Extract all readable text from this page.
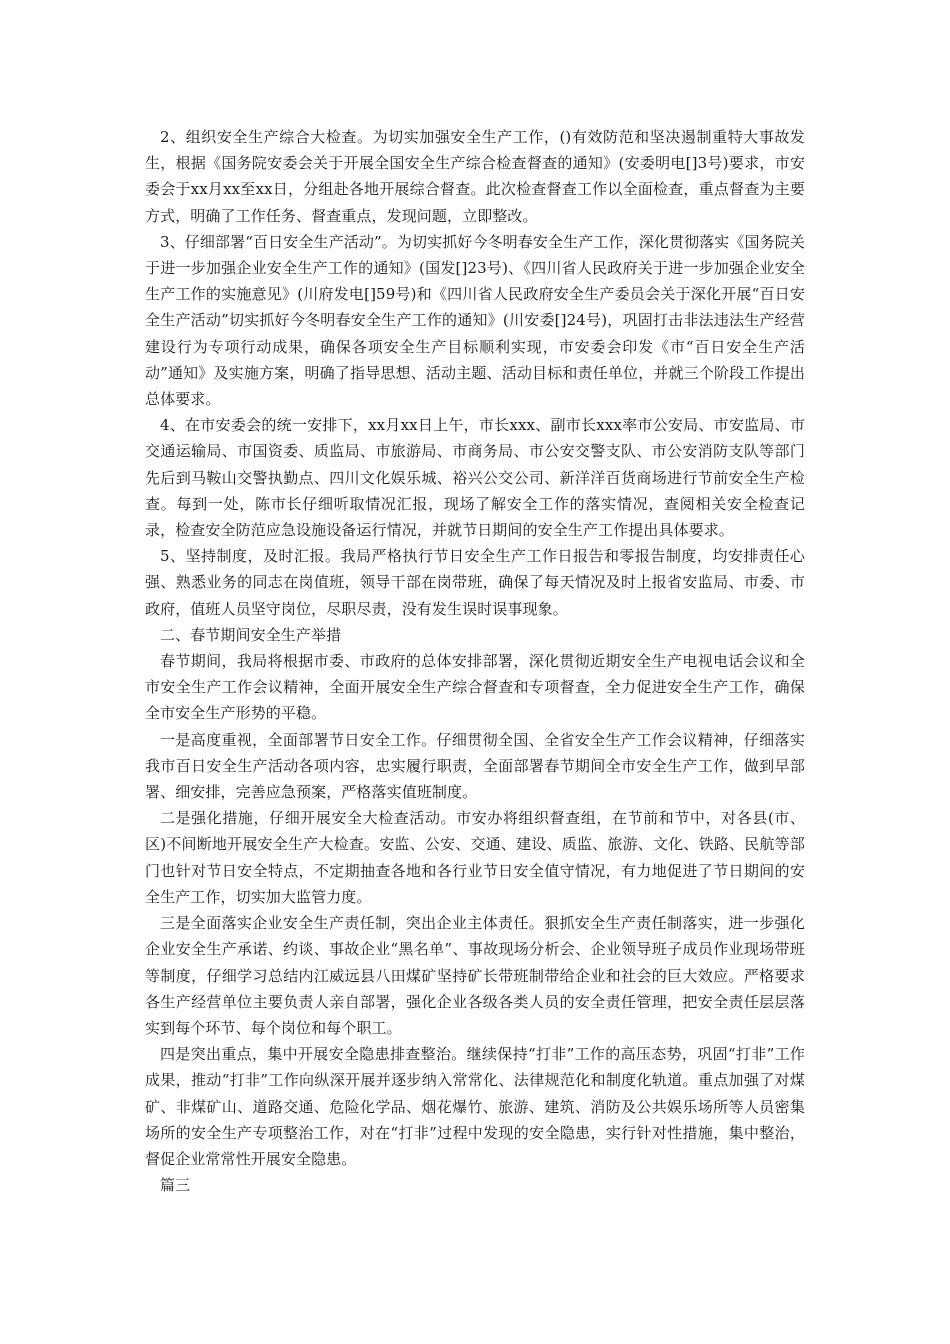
2、组织安全生产综合大检查。为切实加强安全生产工作，()有效防范和坚决遏制重特大事故发生，根据《国务院安委会关于开展全国安全生产综合检查督查的通知》(安委明电[]3号)要求，市安委会于xx月xx至xx日，分组赴各地开展综合督查。此次检查督查工作以全面检查，重点督查为主要方式，明确了工作任务、督查重点，发现问题，立即整改。

3、仔细部署“百日安全生产活动”。为切实抓好今冬明春安全生产工作，深化贯彻落实《国务院关于进一步加强企业安全生产工作的通知》(国发[]23号)、《四川省人民政府关于进一步加强企业安全生产工作的实施意见》(川府发电[]59号)和《四川省人民政府安全生产委员会关于深化开展“百日安全生产活动”切实抓好今冬明春安全生产工作的通知》(川安委[]24号)，巩固打击非法违法生产经营建设行为专项行动成果，确保各项安全生产目标顺利实现，市安委会印发《市“百日安全生产活动”通知》及实施方案，明确了指导思想、活动主题、活动目标和责任单位，并就三个阶段工作提出总体要求。

4、在市安委会的统一安排下，xx月xx日上午，市长xxx、副市长xxx率市公安局、市安监局、市交通运输局、市国资委、质监局、市旅游局、市商务局、市公安交警支队、市公安消防支队等部门先后到马鞍山交警执勤点、四川文化娱乐城、裕兴公交公司、新洋洋百货商场进行节前安全生产检查。每到一处，陈市长仔细听取情况汇报，现场了解安全工作的落实情况，查阅相关安全检查记录，检查安全防范应急设施设备运行情况，并就节日期间的安全生产工作提出具体要求。

5、坚持制度，及时汇报。我局严格执行节日安全生产工作日报告和零报告制度，均安排责任心强、熟悉业务的同志在岗值班，领导干部在岗带班，确保了每天情况及时上报省安监局、市委、市政府，值班人员坚守岗位，尽职尽责，没有发生误时误事现象。

二、春节期间安全生产举措

春节期间，我局将根据市委、市政府的总体安排部署，深化贯彻近期安全生产电视电话会议和全市安全生产工作会议精神，全面开展安全生产综合督查和专项督查，全力促进安全生产工作，确保全市安全生产形势的平稳。

一是高度重视，全面部署节日安全工作。仔细贯彻全国、全省安全生产工作会议精神，仔细落实我市百日安全生产活动各项内容，忠实履行职责，全面部署春节期间全市安全生产工作，做到早部署、细安排，完善应急预案，严格落实值班制度。

二是强化措施，仔细开展安全大检查活动。市安办将组织督查组，在节前和节中，对各县(市、区)不间断地开展安全生产大检查。安监、公安、交通、建设、质监、旅游、文化、铁路、民航等部门也针对节日安全特点，不定期抽查各地和各行业节日安全值守情况，有力地促进了节日期间的安全生产工作，切实加大监管力度。

三是全面落实企业安全生产责任制，突出企业主体责任。狠抓安全生产责任制落实，进一步强化企业安全生产承诺、约谈、事故企业“黑名单”、事故现场分析会、企业领导班子成员作业现场带班等制度，仔细学习总结内江威远县八田煤矿坚持矿长带班制带给企业和社会的巨大效应。严格要求各生产经营单位主要负责人亲自部署，强化企业各级各类人员的安全责任管理，把安全责任层层落实到每个环节、每个岗位和每个职工。

四是突出重点，集中开展安全隐患排查整治。继续保持“打非”工作的高压态势，巩固“打非”工作成果，推动“打非”工作向纵深开展并逐步纳入常常化、法律规范化和制度化轨道。重点加强了对煤矿、非煤矿山、道路交通、危险化学品、烟花爆竹、旅游、建筑、消防及公共娱乐场所等人员密集场所的安全生产专项整治工作，对在“打非”过程中发现的安全隐患，实行针对性措施，集中整治，督促企业常常性开展安全隐患。

篇三
